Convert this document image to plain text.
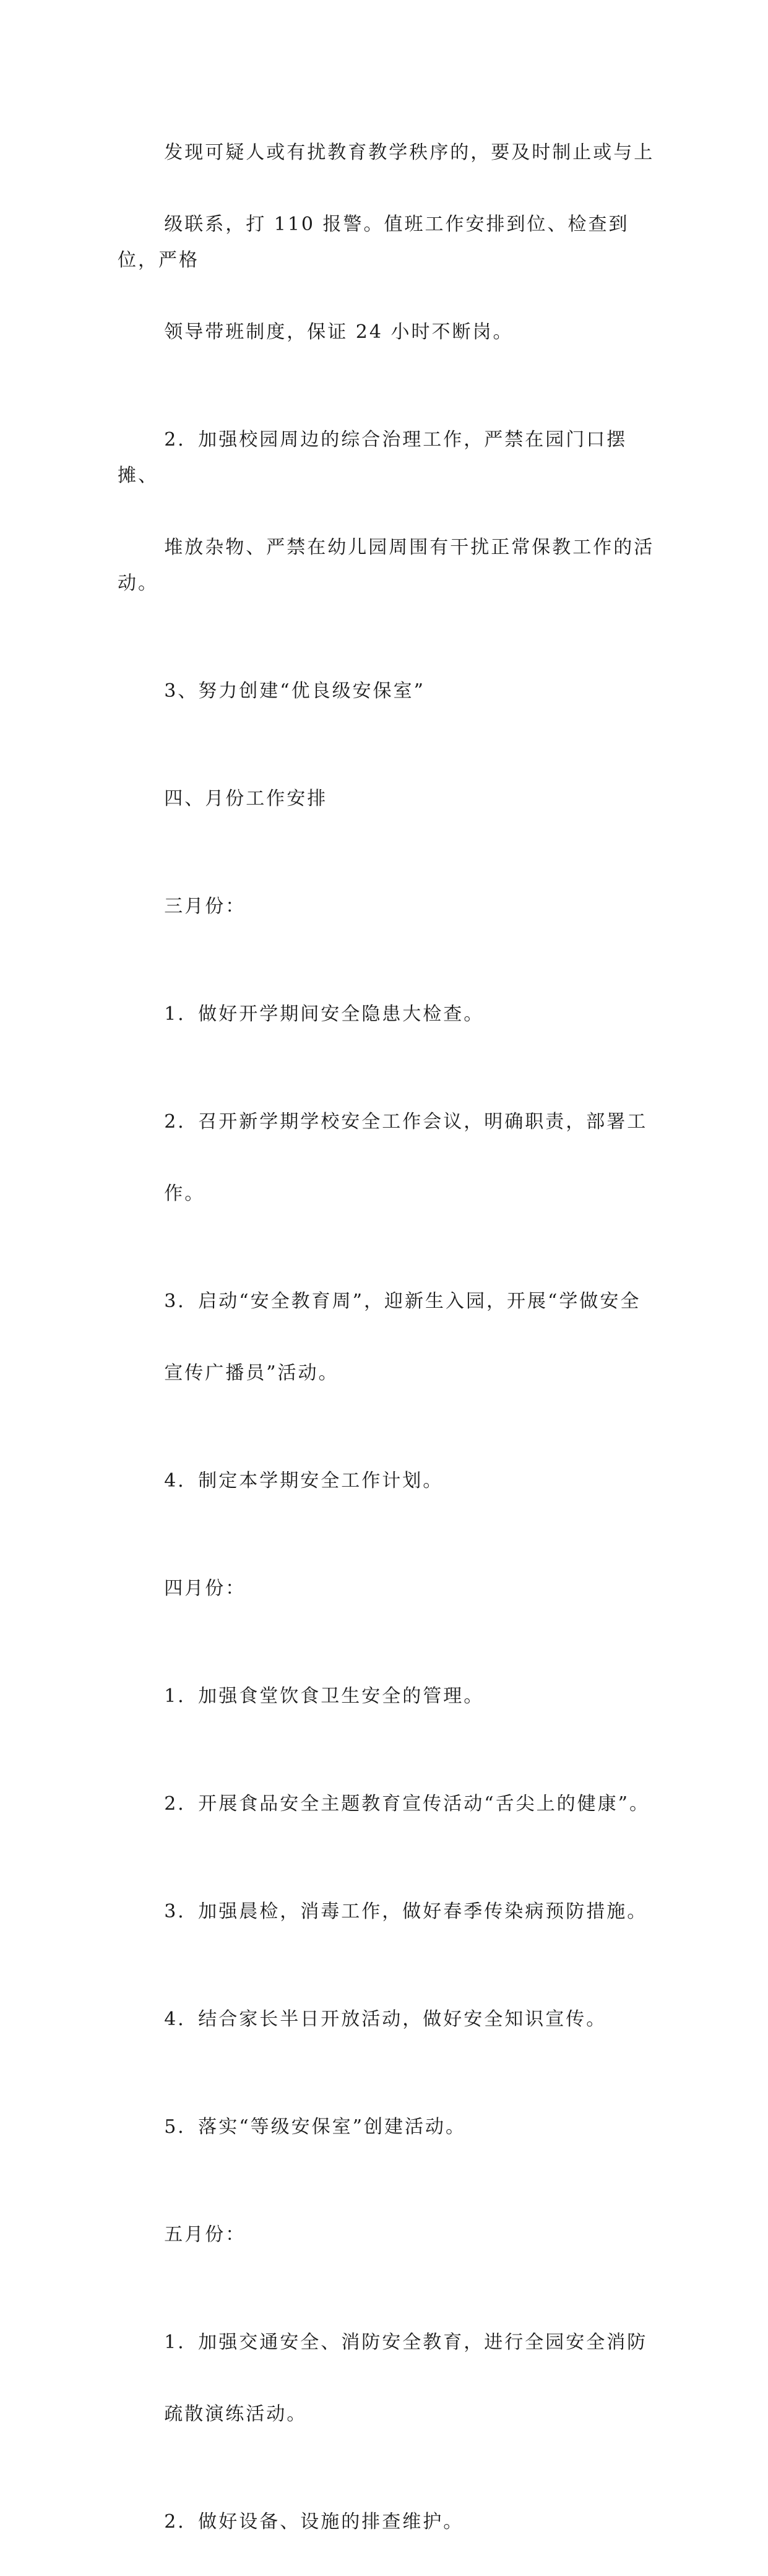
发现可疑人或有扰教育教学秩序的，要及时制止或与上

级联系，打 110 报警。值班工作安排到位、检查到位，严格

领导带班制度，保证 24 小时不断岗。

2．加强校园周边的综合治理工作，严禁在园门口摆摊、

堆放杂物、严禁在幼儿园周围有干扰正常保教工作的活动。

3、努力创建“优良级安保室”

四、月份工作安排

三月份：

1．做好开学期间安全隐患大检查。

2．召开新学期学校安全工作会议，明确职责，部署工

作。

3．启动“安全教育周”，迎新生入园，开展“学做安全

宣传广播员”活动。

4．制定本学期安全工作计划。

四月份：

1．加强食堂饮食卫生安全的管理。

2．开展食品安全主题教育宣传活动“舌尖上的健康”。

3．加强晨检，消毒工作，做好春季传染病预防措施。

4．结合家长半日开放活动，做好安全知识宣传。

5．落实“等级安保室”创建活动。

五月份：

1．加强交通安全、消防安全教育，进行全园安全消防

疏散演练活动。

2．做好设备、设施的排查维护。
